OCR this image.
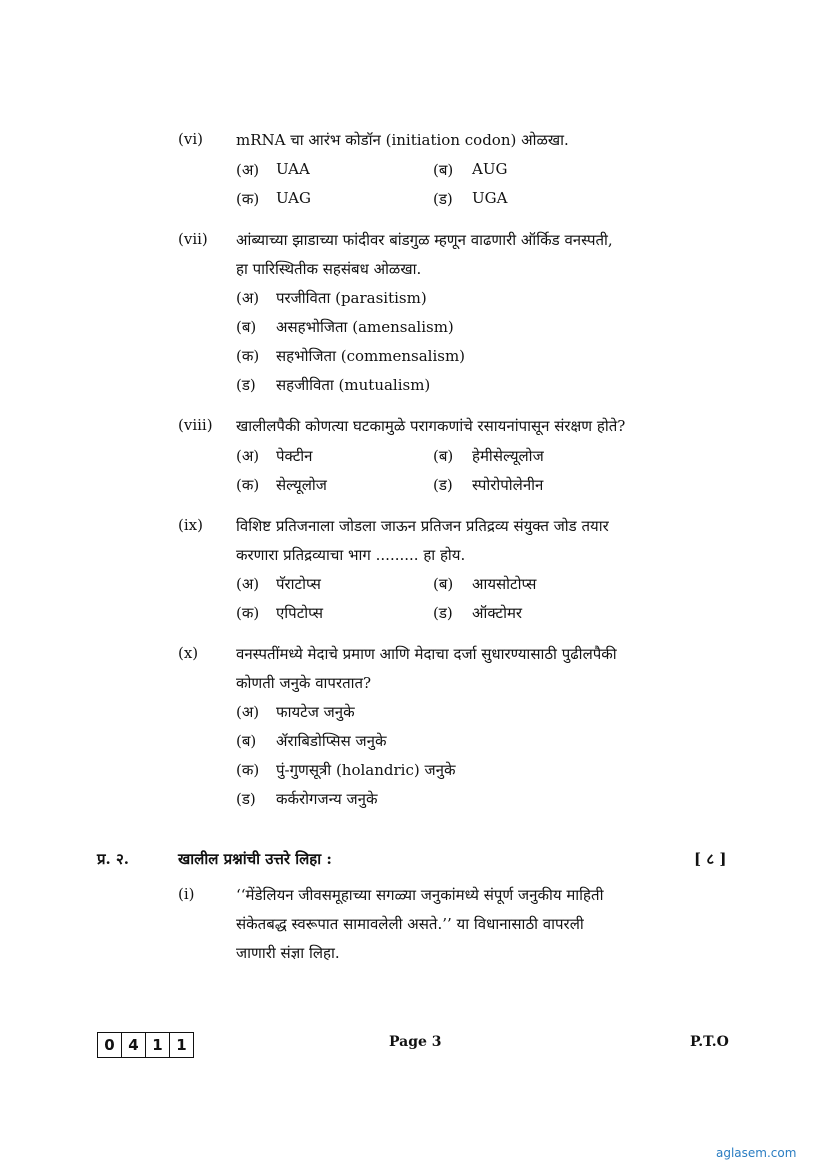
(vi) mRNA चा आरंभ कोडॉन (initiation codon) ओळखा.
(अ) UAA	(ब) AUG
(क) UAG	(ड) UGA
(vii) आंब्याच्या झाडाच्या फांदीवर बांडगुळ म्हणून वाढणारी ऑर्किड वनस्पती,
हा पारिस्थितीक सहसंबध ओळखा.
(अ) परजीविता (parasitism)
(ब) असहभोजिता (amensalism)
(क) सहभोजिता (commensalism)
(ड) सहजीविता (mutualism)
(viii) खालीलपैकी कोणत्या घटकामुळे परागकणांचे रसायनांपासून संरक्षण होते?
(अ) पेक्टीन	(ब) हेमीसेल्यूलोज
(क) सेल्यूलोज	(ड) स्पोरोपोलेनीन
(ix) विशिष्ट प्रतिजनाला जोडला जाऊन प्रतिजन प्रतिद्रव्य संयुक्त जोड तयार
करणारा प्रतिद्रव्याचा भाग ......... हा होय.
(अ) पॅराटोप्स	(ब) आयसोटोप्स
(क) एपिटोप्स	(ड) ऑक्टोमर
(x)	वनस्पतींमध्ये मेदाचे प्रमाण आणि मेदाचा दर्जा सुधारण्यासाठी पुढीलपैकी
कोणती जनुके वापरतात?
(अ) फायटेज जनुके
(ब) ॲराबिडोप्सिस जनुके
(क) पुं-गुणसूत्री (holandric) जनुके
(ड) कर्करोगजन्य जनुके
प्र. २.	खालील प्रश्नांची उत्तरे लिहा :	[ ८ ]
(i)	‘‘मेंडेलियन जीवसमूहाच्या सगळ्या जनुकांमध्ये संपूर्ण जनुकीय माहिती
संकेतबद्ध स्वरूपात सामावलेली असते.’’ या विधानासाठी वापरली
जाणारी संज्ञा लिहा.
0 4 1 1	Page 3	P.T.O
aglasem.com
